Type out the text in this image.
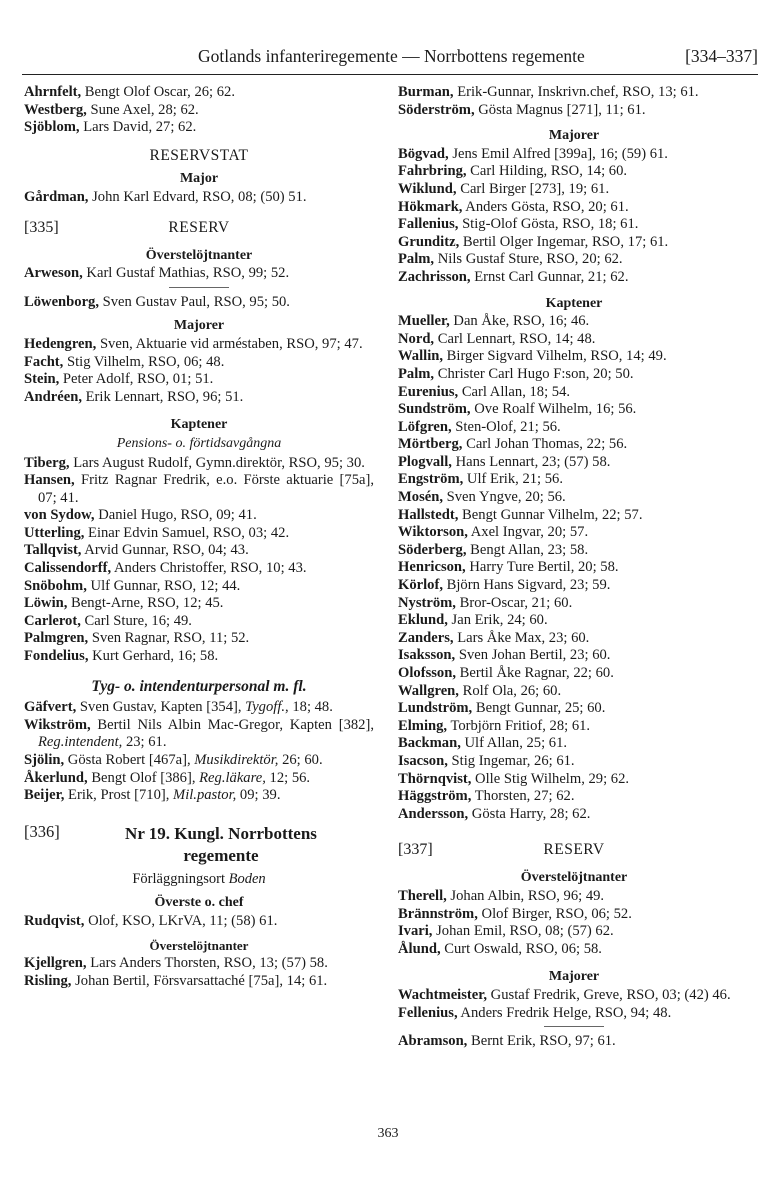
Gotlands infanteriregemente — Norrbottens regemente	[334–337]

Ahrnfelt, Bengt Olof Oscar, 26; 62.

Westberg, Sune Axel, 28; 62.

Sjöblom, Lars David, 27; 62.

RESERVSTAT
Major

Gårdman, John Karl Edvard, RSO, 08; (50) 51.

[335]	RESERV
Överstelöjtnanter

Arweson, Karl Gustaf Mathias, RSO, 99; 52.

Löwenborg, Sven Gustav Paul, RSO, 95; 50.

Majorer

Hedengren, Sven, Aktuarie vid arméstaben, RSO, 97; 47.

Facht, Stig Vilhelm, RSO, 06; 48.

Stein, Peter Adolf, RSO, 01; 51.

Andréen, Erik Lennart, RSO, 96; 51.

Kaptener
Pensions- o. förtidsavgångna

Tiberg, Lars August Rudolf, Gymn.direktör, RSO, 95; 30.

Hansen, Fritz Ragnar Fredrik, e.o. Förste aktuarie [75a], 07; 41.

von Sydow, Daniel Hugo, RSO, 09; 41.

Utterling, Einar Edvin Samuel, RSO, 03; 42.

Tallqvist, Arvid Gunnar, RSO, 04; 43.

Calissendorff, Anders Christoffer, RSO, 10; 43.

Snöbohm, Ulf Gunnar, RSO, 12; 44.

Löwin, Bengt-Arne, RSO, 12; 45.

Carlerot, Carl Sture, 16; 49.

Palmgren, Sven Ragnar, RSO, 11; 52.

Fondelius, Kurt Gerhard, 16; 58.

Tyg- o. intendenturpersonal m. fl.

Gäfvert, Sven Gustav, Kapten [354], Tygoff., 18; 48.

Wikström, Bertil Nils Albin Mac-Gregor, Kapten [382], Reg.intendent, 23; 61.

Sjölin, Gösta Robert [467a], Musikdirektör, 26; 60.

Åkerlund, Bengt Olof [386], Reg.läkare, 12; 56.

Beijer, Erik, Prost [710], Mil.pastor, 09; 39.

[336]	Nr 19. Kungl. Norrbottens regemente
Förläggningsort Boden
Överste o. chef

Rudqvist, Olof, KSO, LKrVA, 11; (58) 61.

Överstelöjtnanter

Kjellgren, Lars Anders Thorsten, RSO, 13; (57) 58.

Risling, Johan Bertil, Försvarsattaché [75a], 14; 61.

Burman, Erik-Gunnar, Inskrivn.chef, RSO, 13; 61.

Söderström, Gösta Magnus [271], 11; 61.

Majorer

Bögvad, Jens Emil Alfred [399a], 16; (59) 61.

Fahrbring, Carl Hilding, RSO, 14; 60.

Wiklund, Carl Birger [273], 19; 61.

Hökmark, Anders Gösta, RSO, 20; 61.

Fallenius, Stig-Olof Gösta, RSO, 18; 61.

Grunditz, Bertil Olger Ingemar, RSO, 17; 61.

Palm, Nils Gustaf Sture, RSO, 20; 62.

Zachrisson, Ernst Carl Gunnar, 21; 62.

Kaptener

Mueller, Dan Åke, RSO, 16; 46.

Nord, Carl Lennart, RSO, 14; 48.

Wallin, Birger Sigvard Vilhelm, RSO, 14; 49.

Palm, Christer Carl Hugo F:son, 20; 50.

Eurenius, Carl Allan, 18; 54.

Sundström, Ove Roalf Wilhelm, 16; 56.

Löfgren, Sten-Olof, 21; 56.

Mörtberg, Carl Johan Thomas, 22; 56.

Plogvall, Hans Lennart, 23; (57) 58.

Engström, Ulf Erik, 21; 56.

Mosén, Sven Yngve, 20; 56.

Hallstedt, Bengt Gunnar Vilhelm, 22; 57.

Wiktorson, Axel Ingvar, 20; 57.

Söderberg, Bengt Allan, 23; 58.

Henricson, Harry Ture Bertil, 20; 58.

Körlof, Björn Hans Sigvard, 23; 59.

Nyström, Bror-Oscar, 21; 60.

Eklund, Jan Erik, 24; 60.

Zanders, Lars Åke Max, 23; 60.

Isaksson, Sven Johan Bertil, 23; 60.

Olofsson, Bertil Åke Ragnar, 22; 60.

Wallgren, Rolf Ola, 26; 60.

Lundström, Bengt Gunnar, 25; 60.

Elming, Torbjörn Fritiof, 28; 61.

Backman, Ulf Allan, 25; 61.

Isacson, Stig Ingemar, 26; 61.

Thörnqvist, Olle Stig Wilhelm, 29; 62.

Häggström, Thorsten, 27; 62.

Andersson, Gösta Harry, 28; 62.

[337]	RESERV
Överstelöjtnanter

Therell, Johan Albin, RSO, 96; 49.

Brännström, Olof Birger, RSO, 06; 52.

Ivari, Johan Emil, RSO, 08; (57) 62.

Ålund, Curt Oswald, RSO, 06; 58.

Majorer

Wachtmeister, Gustaf Fredrik, Greve, RSO, 03; (42) 46.

Fellenius, Anders Fredrik Helge, RSO, 94; 48.

Abramson, Bernt Erik, RSO, 97; 61.

363
